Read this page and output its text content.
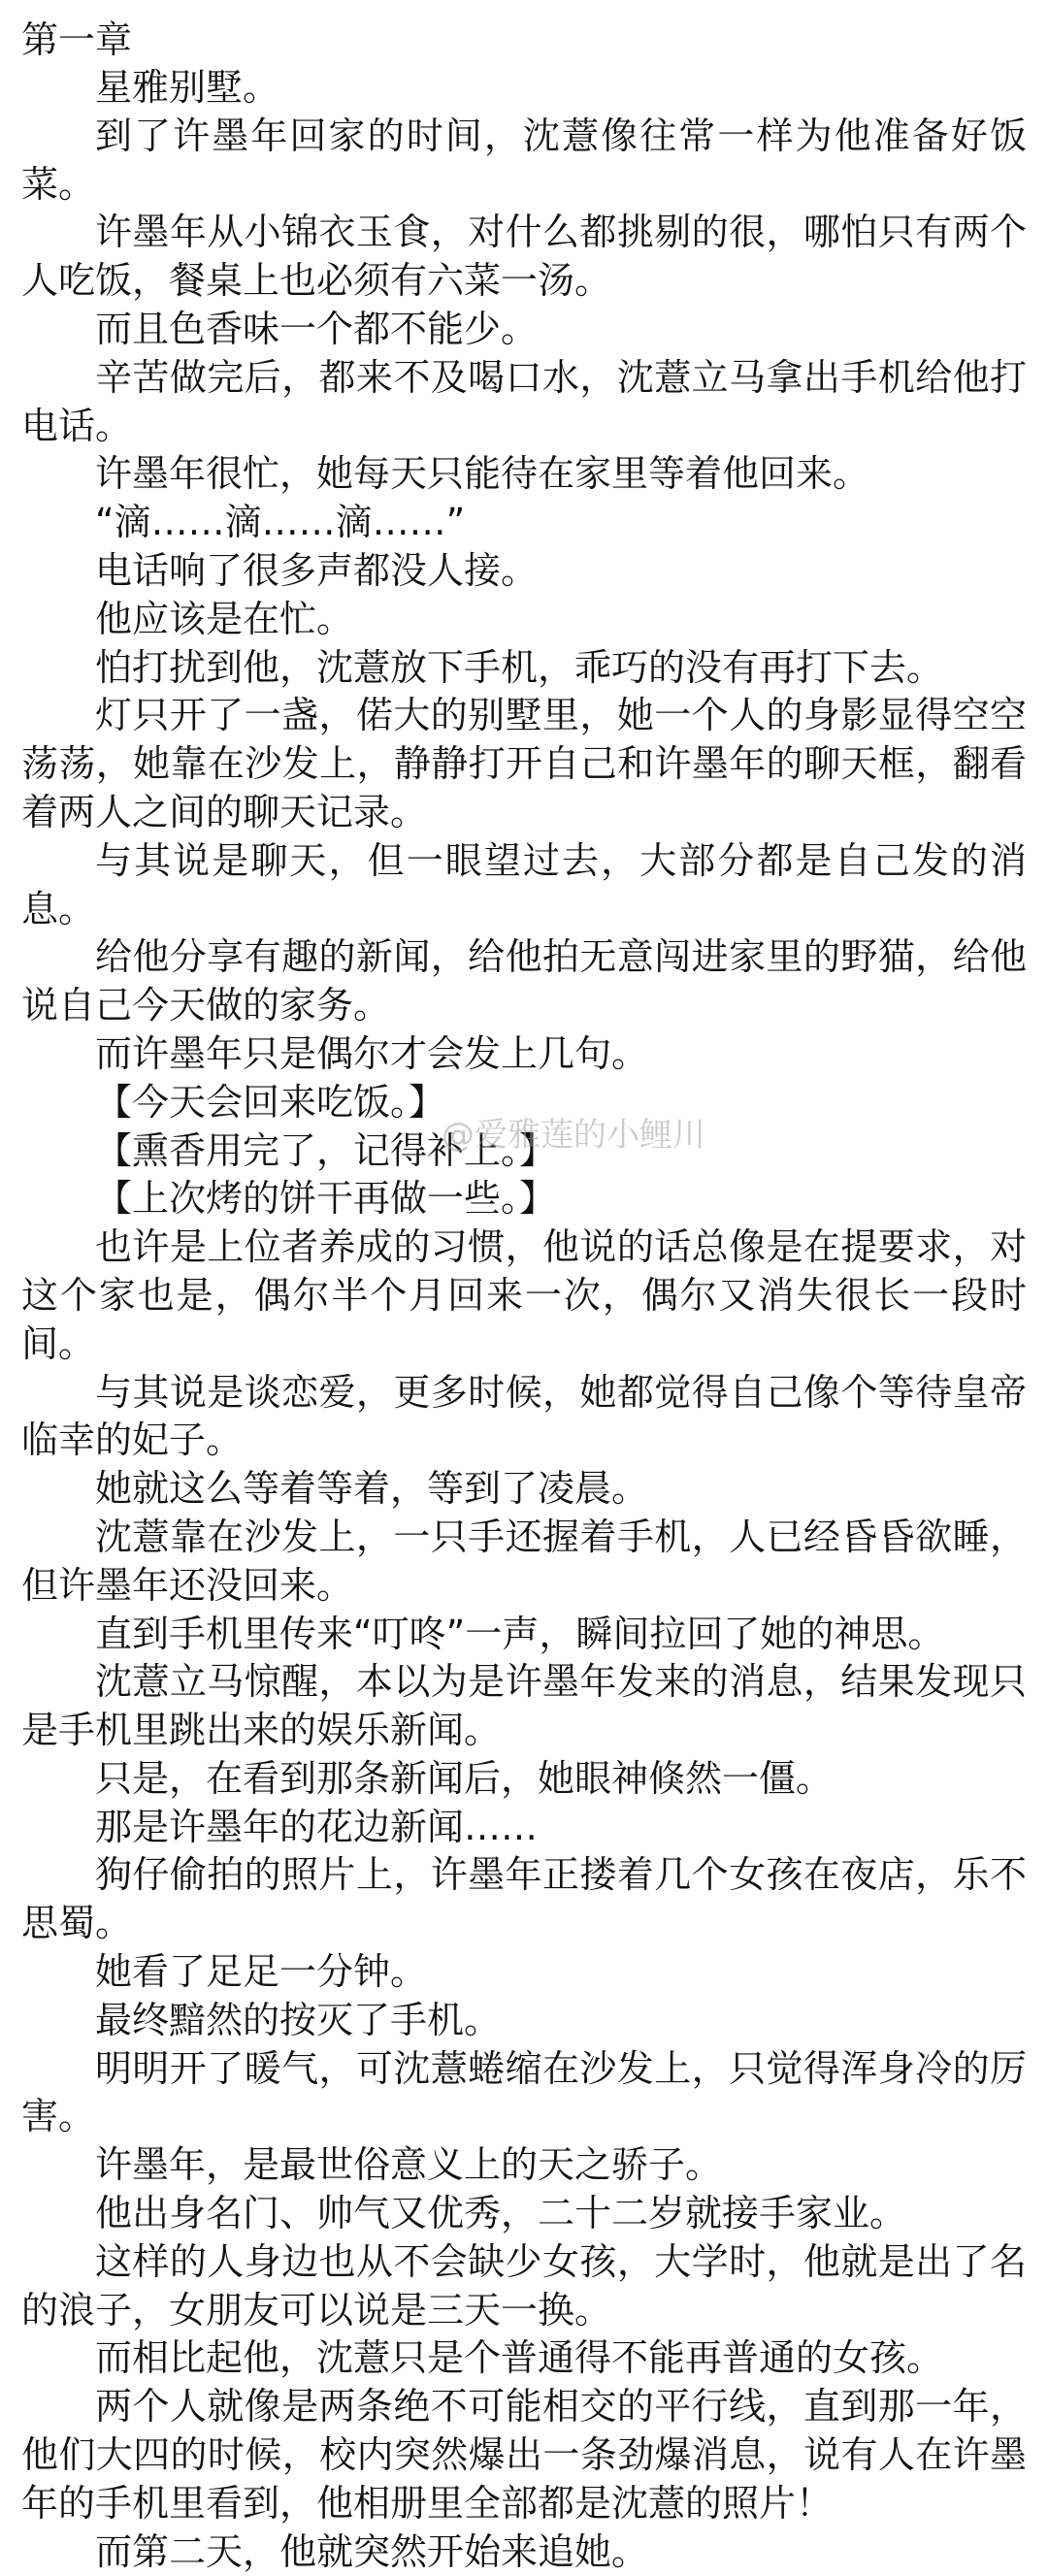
第一章

星雅别墅。

到了许墨年回家的时间，沈薏像往常一样为他准备好饭菜。

许墨年从小锦衣玉食，对什么都挑剔的很，哪怕只有两个人吃饭，餐桌上也必须有六菜一汤。

而且色香味一个都不能少。

辛苦做完后，都来不及喝口水，沈薏立马拿出手机给他打电话。

许墨年很忙，她每天只能待在家里等着他回来。

“滴……滴……滴……”

电话响了很多声都没人接。

他应该是在忙。

怕打扰到他，沈薏放下手机，乖巧的没有再打下去。

灯只开了一盏，偌大的别墅里，她一个人的身影显得空空荡荡，她靠在沙发上，静静打开自己和许墨年的聊天框，翻看着两人之间的聊天记录。

与其说是聊天，但一眼望过去，大部分都是自己发的消息。

给他分享有趣的新闻，给他拍无意闯进家里的野猫，给他说自己今天做的家务。

而许墨年只是偶尔才会发上几句。

【今天会回来吃饭。】

【熏香用完了，记得补上。】

【上次烤的饼干再做一些。】

也许是上位者养成的习惯，他说的话总像是在提要求，对这个家也是，偶尔半个月回来一次，偶尔又消失很长一段时间。

与其说是谈恋爱，更多时候，她都觉得自己像个等待皇帝临幸的妃子。

她就这么等着等着，等到了凌晨。

沈薏靠在沙发上，一只手还握着手机，人已经昏昏欲睡，但许墨年还没回来。

直到手机里传来“叮咚”一声，瞬间拉回了她的神思。

沈薏立马惊醒，本以为是许墨年发来的消息，结果发现只是手机里跳出来的娱乐新闻。

只是，在看到那条新闻后，她眼神倏然一僵。

那是许墨年的花边新闻……

狗仔偷拍的照片上，许墨年正搂着几个女孩在夜店，乐不思蜀。

她看了足足一分钟。

最终黯然的按灭了手机。

明明开了暖气，可沈薏蜷缩在沙发上，只觉得浑身冷的厉害。

许墨年，是最世俗意义上的天之骄子。

他出身名门、帅气又优秀，二十二岁就接手家业。

这样的人身边也从不会缺少女孩，大学时，他就是出了名的浪子，女朋友可以说是三天一换。

而相比起他，沈薏只是个普通得不能再普通的女孩。

两个人就像是两条绝不可能相交的平行线，直到那一年，他们大四的时候，校内突然爆出一条劲爆消息，说有人在许墨年的手机里看到，他相册里全部都是沈薏的照片！

而第二天，他就突然开始来追她。

@爱雅莲的小鲤川
